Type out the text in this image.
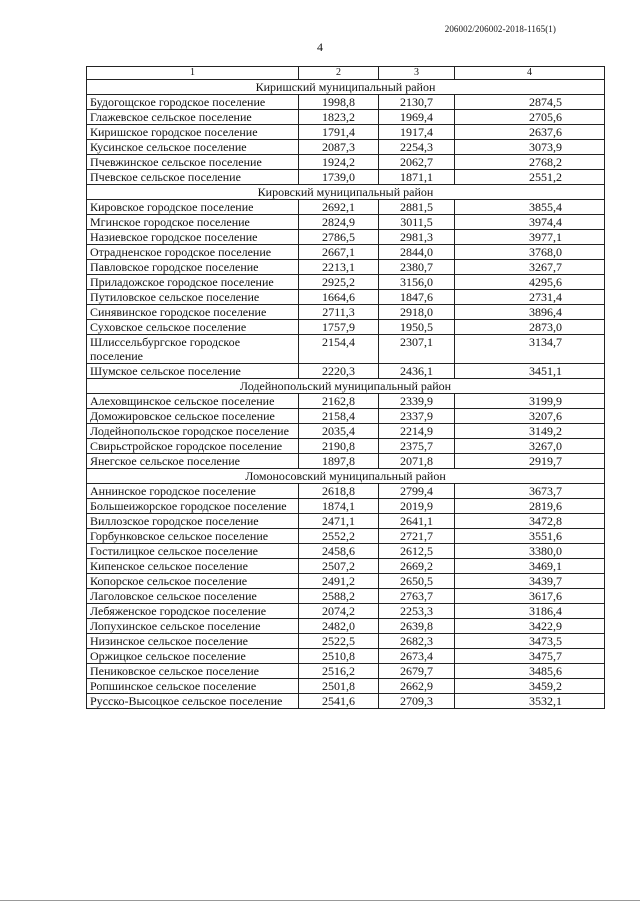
206002/206002-2018-1165(1)
4
1	2	3	4
Киришский муниципальный район			
Будогощское городское поселение	1998,8	2130,7	2874,5
Глажевское сельское поселение	1823,2	1969,4	2705,6
Киришское городское поселение	1791,4	1917,4	2637,6
Кусинское сельское поселение	2087,3	2254,3	3073,9
Пчевжинское сельское поселение	1924,2	2062,7	2768,2
Пчевское сельское поселение	1739,0	1871,1	2551,2
Кировский муниципальный район			
Кировское городское поселение	2692,1	2881,5	3855,4
Мгинское городское поселение	2824,9	3011,5	3974,4
Назиевское городское поселение	2786,5	2981,3	3977,1
Отрадненское городское поселение	2667,1	2844,0	3768,0
Павловское городское поселение	2213,1	2380,7	3267,7
Приладожское городское поселение	2925,2	3156,0	4295,6
Путиловское сельское поселение	1664,6	1847,6	2731,4
Синявинское городское поселение	2711,3	2918,0	3896,4
Суховское сельское поселение	1757,9	1950,5	2873,0
Шлиссельбургское городское поселение	2154,4	2307,1	3134,7
Шумское сельское поселение	2220,3	2436,1	3451,1
Лодейнопольский муниципальный район			
Алеховщинское сельское поселение	2162,8	2339,9	3199,9
Доможировское сельское поселение	2158,4	2337,9	3207,6
Лодейнопольское городское поселение	2035,4	2214,9	3149,2
Свирьстройское городское поселение	2190,8	2375,7	3267,0
Янегское сельское поселение	1897,8	2071,8	2919,7
Ломоносовский муниципальный район			
Аннинское городское поселение	2618,8	2799,4	3673,7
Большеижорское городское поселение	1874,1	2019,9	2819,6
Виллозское городское поселение	2471,1	2641,1	3472,8
Горбунковское сельское поселение	2552,2	2721,7	3551,6
Гостилицкое сельское поселение	2458,6	2612,5	3380,0
Кипенское сельское поселение	2507,2	2669,2	3469,1
Копорское сельское поселение	2491,2	2650,5	3439,7
Лаголовское сельское поселение	2588,2	2763,7	3617,6
Лебяженское городское поселение	2074,2	2253,3	3186,4
Лопухинское сельское поселение	2482,0	2639,8	3422,9
Низинское сельское поселение	2522,5	2682,3	3473,5
Оржицкое сельское поселение	2510,8	2673,4	3475,7
Пениковское сельское поселение	2516,2	2679,7	3485,6
Ропшинское сельское поселение	2501,8	2662,9	3459,2
Русско-Высоцкое сельское поселение	2541,6	2709,3	3532,1
